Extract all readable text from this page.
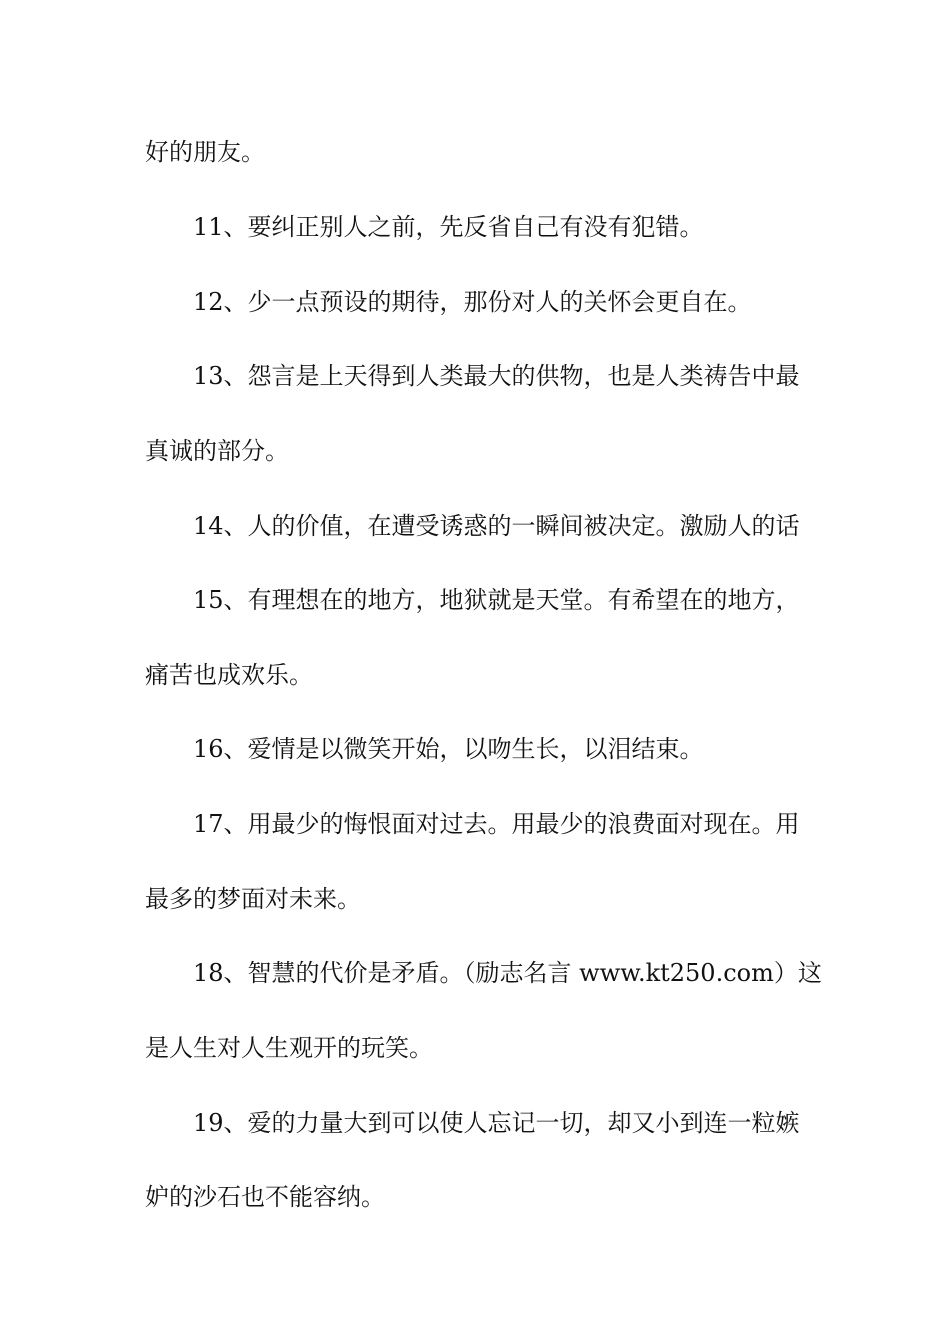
好的朋友。
11、要纠正别人之前，先反省自己有没有犯错。
12、少一点预设的期待，那份对人的关怀会更自在。
13、怨言是上天得到人类最大的供物，也是人类祷告中最
真诚的部分。
14、人的价值，在遭受诱惑的一瞬间被决定。激励人的话
15、有理想在的地方，地狱就是天堂。有希望在的地方，
痛苦也成欢乐。
16、爱情是以微笑开始，以吻生长，以泪结束。
17、用最少的悔恨面对过去。用最少的浪费面对现在。用
最多的梦面对未来。
18、智慧的代价是矛盾。（励志名言 www.kt250.com）这
是人生对人生观开的玩笑。
19、爱的力量大到可以使人忘记一切，却又小到连一粒嫉
妒的沙石也不能容纳。
